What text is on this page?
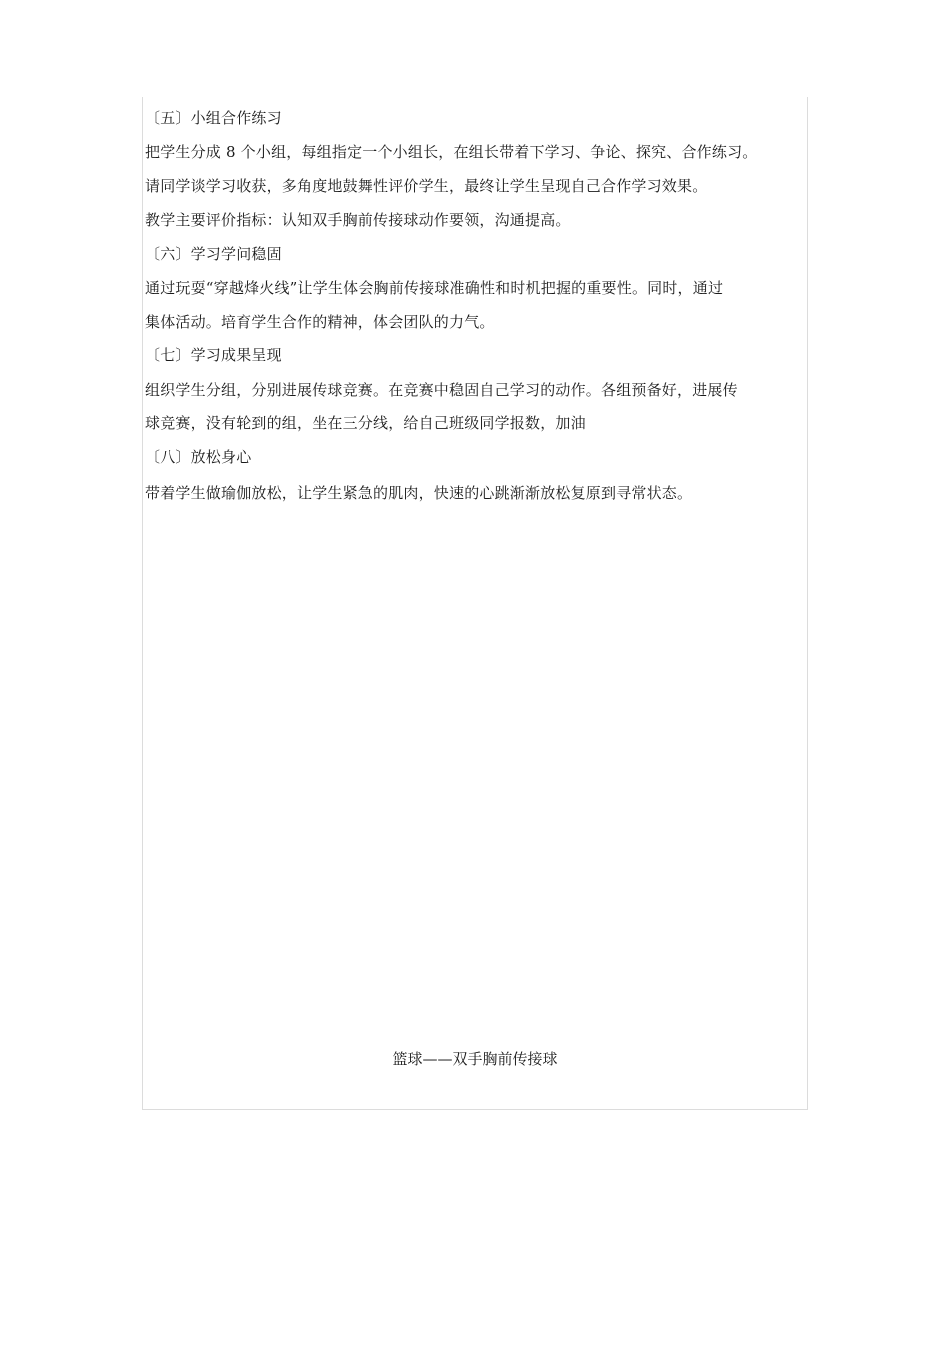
〔五〕小组合作练习
把学生分成 8 个小组，每组指定一个小组长，在组长带着下学习、争论、探究、合作练习。
请同学谈学习收获，多角度地鼓舞性评价学生，最终让学生呈现自己合作学习效果。
教学主要评价指标：认知双手胸前传接球动作要领，沟通提高。
〔六〕学习学问稳固
通过玩耍“穿越烽火线”让学生体会胸前传接球准确性和时机把握的重要性。同时，通过
集体活动。培育学生合作的精神，体会团队的力气。
〔七〕学习成果呈现
组织学生分组，分别进展传球竞赛。在竞赛中稳固自己学习的动作。各组预备好，进展传
球竞赛，没有轮到的组，坐在三分线，给自己班级同学报数，加油
〔八〕放松身心
带着学生做瑜伽放松，让学生紧急的肌肉，快速的心跳渐渐放松复原到寻常状态。
篮球——双手胸前传接球
